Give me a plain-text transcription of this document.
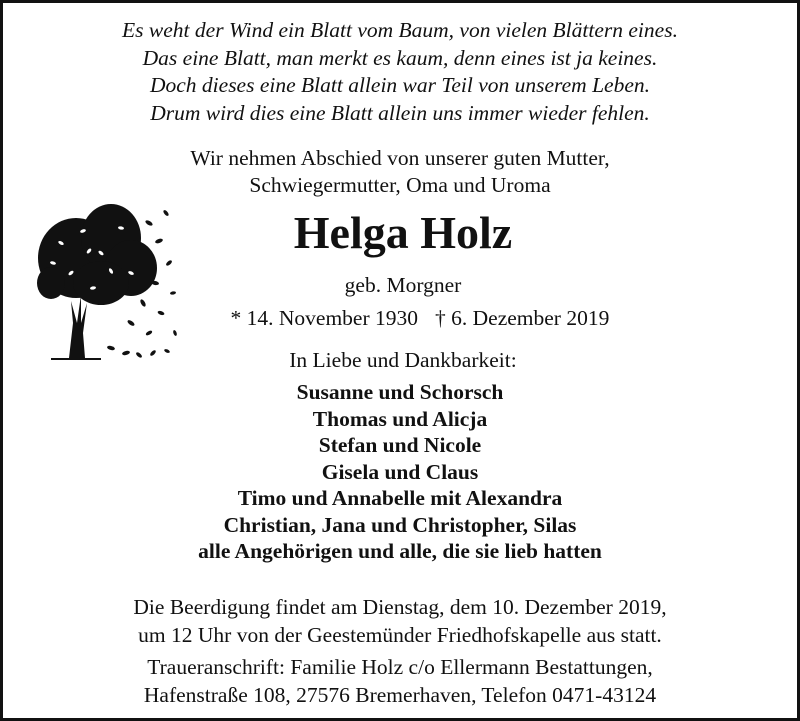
Es weht der Wind ein Blatt vom Baum, von vielen Blättern eines.
Das eine Blatt, man merkt es kaum, denn eines ist ja keines.
Doch dieses eine Blatt allein war Teil von unserem Leben.
Drum wird dies eine Blatt allein uns immer wieder fehlen.
Wir nehmen Abschied von unserer guten Mutter,
Schwiegermutter, Oma und Uroma
Helga Holz
geb. Morgner
* 14. November 1930 † 6. Dezember 2019
In Liebe und Dankbarkeit:
Susanne und Schorsch
Thomas und Alicja
Stefan und Nicole
Gisela und Claus
Timo und Annabelle mit Alexandra
Christian, Jana und Christopher, Silas
alle Angehörigen und alle, die sie lieb hatten
Die Beerdigung findet am Dienstag, dem 10. Dezember 2019,
um 12 Uhr von der Geestemünder Friedhofskapelle aus statt.
Traueranschrift: Familie Holz c/o Ellermann Bestattungen,
Hafenstraße 108, 27576 Bremerhaven, Telefon 0471-43124
